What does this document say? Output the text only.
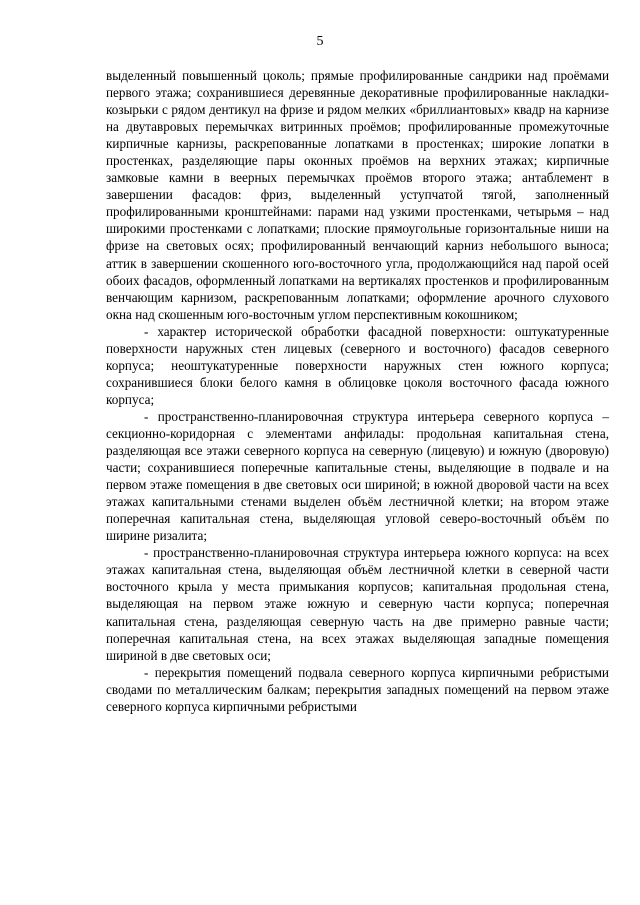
5

выделенный повышенный цоколь; прямые профилированные сандрики над проёмами первого этажа; сохранившиеся деревянные декоративные профилированные накладки-козырьки с рядом дентикул на фризе и рядом мелких «бриллиантовых» квадр на карнизе на двутавровых перемычках витринных проёмов; профилированные промежуточные кирпичные карнизы, раскрепованные лопатками в простенках; широкие лопатки в простенках, разделяющие пары оконных проёмов на верхних этажах; кирпичные замковые камни в веерных перемычках проёмов второго этажа; антаблемент в завершении фасадов: фриз, выделенный уступчатой тягой, заполненный профилированными кронштейнами: парами над узкими простенками, четырьмя – над широкими простенками с лопатками; плоские прямоугольные горизонтальные ниши на фризе на световых осях; профилированный венчающий карниз небольшого выноса; аттик в завершении скошенного юго-восточного угла, продолжающийся над парой осей обоих фасадов, оформленный лопатками на вертикалях простенков и профилированным венчающим карнизом, раскрепованным лопатками; оформление арочного слухового окна над скошенным юго-восточным углом перспективным кокошником;

- характер исторической обработки фасадной поверхности: оштукатуренные поверхности наружных стен лицевых (северного и восточного) фасадов северного корпуса; неоштукатуренные поверхности наружных стен южного корпуса; сохранившиеся блоки белого камня в облицовке цоколя восточного фасада южного корпуса;

- пространственно-планировочная структура интерьера северного корпуса – секционно-коридорная с элементами анфилады: продольная капитальная стена, разделяющая все этажи северного корпуса на северную (лицевую) и южную (дворовую) части; сохранившиеся поперечные капитальные стены, выделяющие в подвале и на первом этаже помещения в две световых оси шириной; в южной дворовой части на всех этажах капитальными стенами выделен объём лестничной клетки; на втором этаже поперечная капитальная стена, выделяющая угловой северо-восточный объём по ширине ризалита;

- пространственно-планировочная структура интерьера южного корпуса: на всех этажах капитальная стена, выделяющая объём лестничной клетки в северной части восточного крыла у места примыкания корпусов; капитальная продольная стена, выделяющая на первом этаже южную и северную части корпуса; поперечная капитальная стена, разделяющая северную часть на две примерно равные части; поперечная капитальная стена, на всех этажах выделяющая западные помещения шириной в две световых оси;

- перекрытия помещений подвала северного корпуса кирпичными ребристыми сводами по металлическим балкам; перекрытия западных помещений на первом этаже северного корпуса кирпичными ребристыми
